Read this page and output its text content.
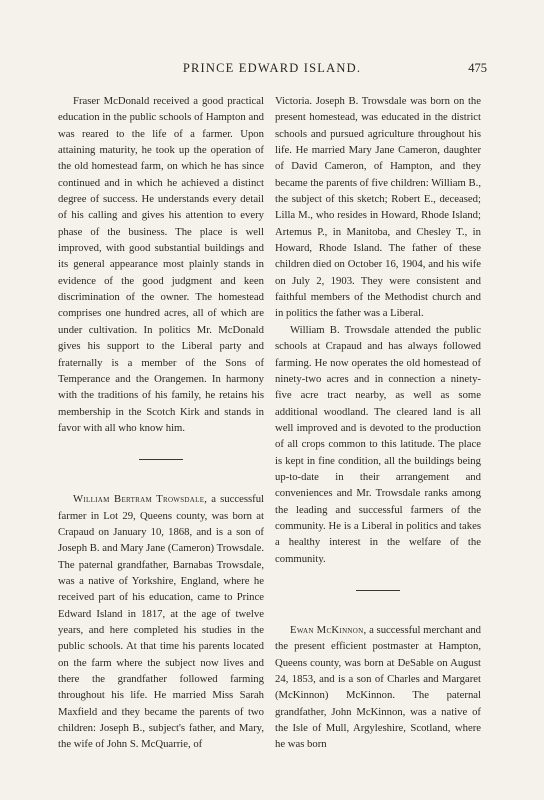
PRINCE EDWARD ISLAND.	475

Fraser McDonald received a good practical education in the public schools of Hampton and was reared to the life of a farmer. Upon attaining maturity, he took up the operation of the old homestead farm, on which he has since continued and in which he achieved a distinct degree of success. He understands every detail of his calling and gives his attention to every phase of the business. The place is well improved, with good substantial buildings and its general appearance most plainly stands in evidence of the good judgment and keen discrimination of the owner. The homestead comprises one hundred acres, all of which are under cultivation. In politics Mr. McDonald gives his support to the Liberal party and fraternally is a member of the Sons of Temperance and the Orangemen. In harmony with the traditions of his family, he retains his membership in the Scotch Kirk and stands in favor with all who know him.

William Bertram Trowsdale, a successful farmer in Lot 29, Queens county, was born at Crapaud on January 10, 1868, and is a son of Joseph B. and Mary Jane (Cameron) Trowsdale. The paternal grandfather, Barnabas Trowsdale, was a native of Yorkshire, England, where he received part of his education, came to Prince Edward Island in 1817, at the age of twelve years, and here completed his studies in the public schools. At that time his parents located on the farm where the subject now lives and there the grandfather followed farming throughout his life. He married Miss Sarah Maxfield and they became the parents of two children: Joseph B., subject's father, and Mary, the wife of John S. McQuarrie, of

Victoria. Joseph B. Trowsdale was born on the present homestead, was educated in the district schools and pursued agriculture throughout his life. He married Mary Jane Cameron, daughter of David Cameron, of Hampton, and they became the parents of five children: William B., the subject of this sketch; Robert E., deceased; Lilla M., who resides in Howard, Rhode Island; Artemus P., in Manitoba, and Chesley T., in Howard, Rhode Island. The father of these children died on October 16, 1904, and his wife on July 2, 1903. They were consistent and faithful members of the Methodist church and in politics the father was a Liberal.

William B. Trowsdale attended the public schools at Crapaud and has always followed farming. He now operates the old homestead of ninety-two acres and in connection a ninety-five acre tract nearby, as well as some additional woodland. The cleared land is all well improved and is devoted to the production of all crops common to this latitude. The place is kept in fine condition, all the buildings being up-to-date in their arrangement and conveniences and Mr. Trowsdale ranks among the leading and successful farmers of the community. He is a Liberal in politics and takes a healthy interest in the welfare of the community.

Ewan McKinnon, a successful merchant and the present efficient postmaster at Hampton, Queens county, was born at DeSable on August 24, 1853, and is a son of Charles and Margaret (McKinnon) McKinnon. The paternal grandfather, John McKinnon, was a native of the Isle of Mull, Argyleshire, Scotland, where he was born
